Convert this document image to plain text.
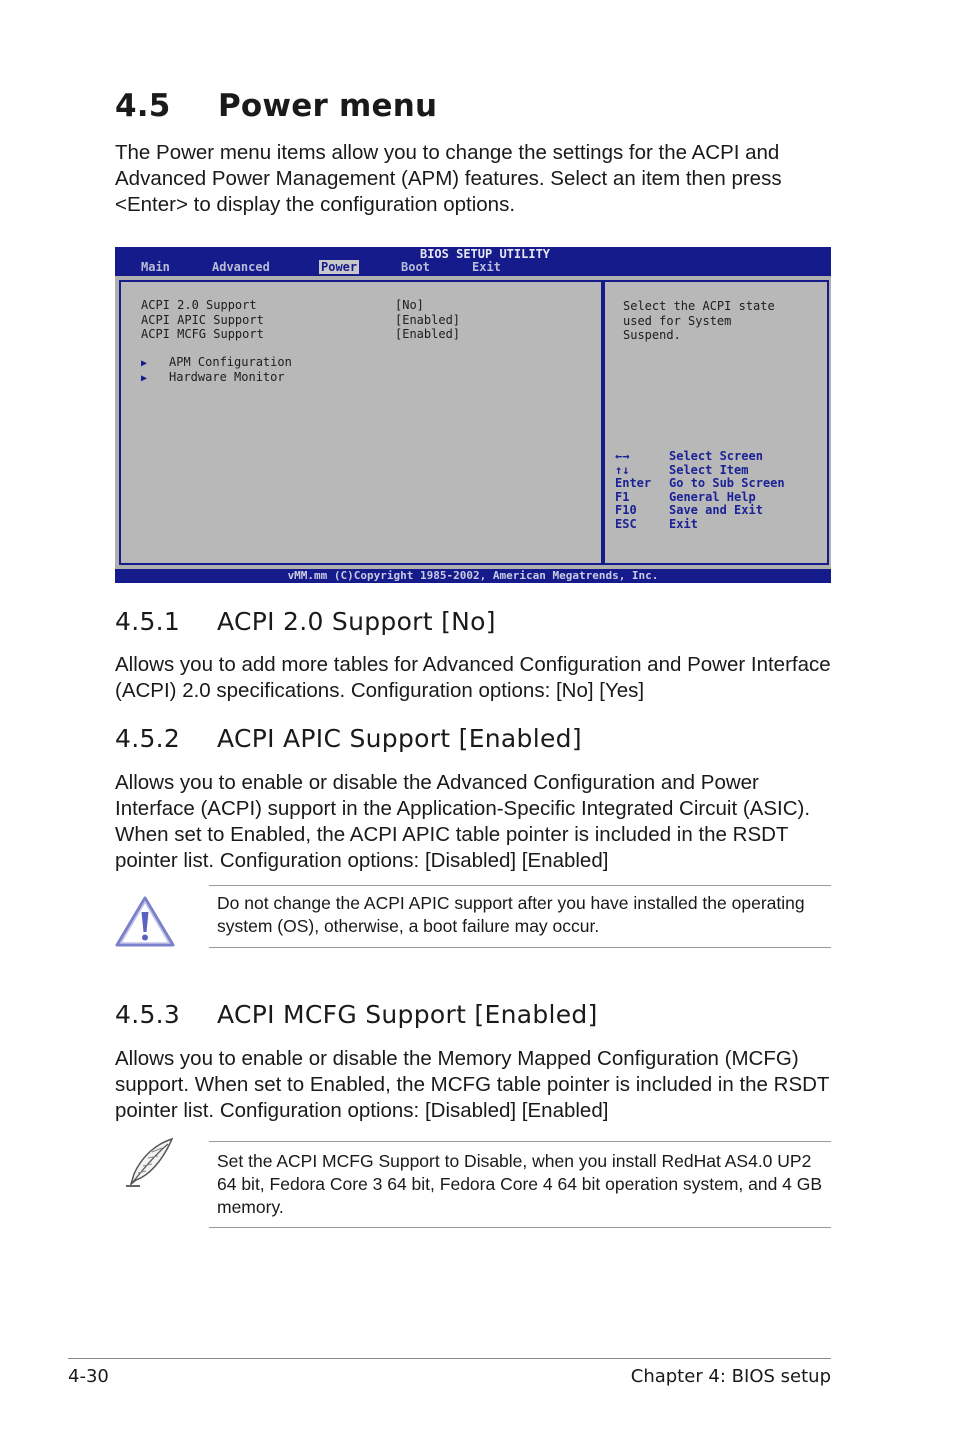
4.5 Power menu

The Power menu items allow you to change the settings for the ACPI and Advanced Power Management (APM) features. Select an item then press <Enter> to display the configuration options.

BIOS SETUP UTILITY
Main	Advanced	Power	Boot	Exit
ACPI 2.0 Support	[No]
ACPI APIC Support	[Enabled]
ACPI MCFG Support	[Enabled]
▶ APM Configuration
▶ Hardware Monitor
Select the ACPI state
used for System
Suspend.
←→	Select Screen
↑↓	Select Item
Enter Go to Sub Screen
F1	General Help
F10	Save and Exit
ESC	Exit
vMM.mm (C)Copyright 1985-2002, American Megatrends, Inc.
4.5.1 ACPI 2.0 Support [No]

Allows you to add more tables for Advanced Configuration and Power Interface (ACPI) 2.0 specifications. Configuration options: [No] [Yes]

4.5.2 ACPI APIC Support [Enabled]

Allows you to enable or disable the Advanced Configuration and Power Interface (ACPI) support in the Application-Specific Integrated Circuit (ASIC). When set to Enabled, the ACPI APIC table pointer is included in the RSDT pointer list. Configuration options: [Disabled] [Enabled]

Do not change the ACPI APIC support after you have installed the operating system (OS), otherwise, a boot failure may occur.

4.5.3 ACPI MCFG Support [Enabled]

Allows you to enable or disable the Memory Mapped Configuration (MCFG) support. When set to Enabled, the MCFG table pointer is included in the RSDT pointer list. Configuration options: [Disabled] [Enabled]

Set the ACPI MCFG Support to Disable, when you install RedHat AS4.0 UP2 64 bit, Fedora Core 3 64 bit, Fedora Core 4 64 bit operation system, and 4 GB memory.

4-30	Chapter 4: BIOS setup
